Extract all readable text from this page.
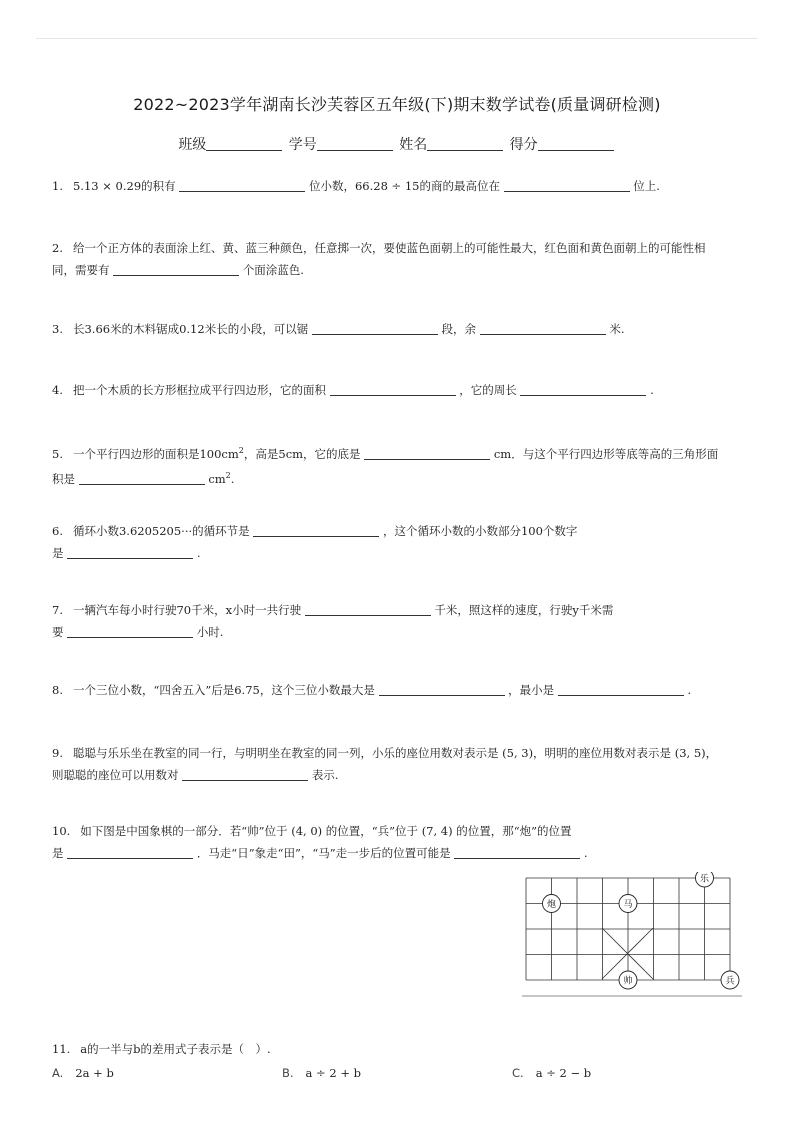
2022~2023学年湖南长沙芙蓉区五年级(下)期末数学试卷(质量调研检测)
班级	学号	姓名	得分
1. 5.13 × 0.29的积有	位小数，66.28 ÷ 15的商的最高位在	位上.
2. 给一个正方体的表面涂上红、黄、蓝三种颜色，任意掷一次，要使蓝色面朝上的可能性最大，红色面和黄色面朝上的可能性相
同，需要有	个面涂蓝色.
3. 长3.66米的木料锯成0.12米长的小段，可以锯	段，余	米.
4. 把一个木质的长方形框拉成平行四边形，它的面积	，它的周长	.
5. 一个平行四边形的面积是$100cm^2$，高是5cm，它的底是	cm．与这个平行四边形等底等高的三角形面
积是	$cm^2$.
6. 循环小数3.6205205···的循环节是	，这个循环小数的小数部分100个数字
是	.
7. 一辆汽车每小时行驶70千米，x小时一共行驶	千米，照这样的速度，行驶y千米需
要	小时.
8. 一个三位小数，“四舍五入”后是6.75，这个三位小数最大是	，最小是	.
9. 聪聪与乐乐坐在教室的同一行，与明明坐在教室的同一列，小乐的座位用数对表示是 (5, 3)，明明的座位用数对表示是 (3, 5)，
则聪聪的座位可以用数对	表示.
10. 如下图是中国象棋的一部分．若“帅”位于 (4, 0) 的位置，“兵”位于 (7, 4) 的位置，那“炮”的位置
是	．马走“日”象走“田”，“马”走一步后的位置可能是	.
乐
炮	马
帅	兵
11. a的一半与b的差用式子表示是（　）.
A. 2a + b	B. a ÷ 2 + b	C. a ÷ 2 − b
